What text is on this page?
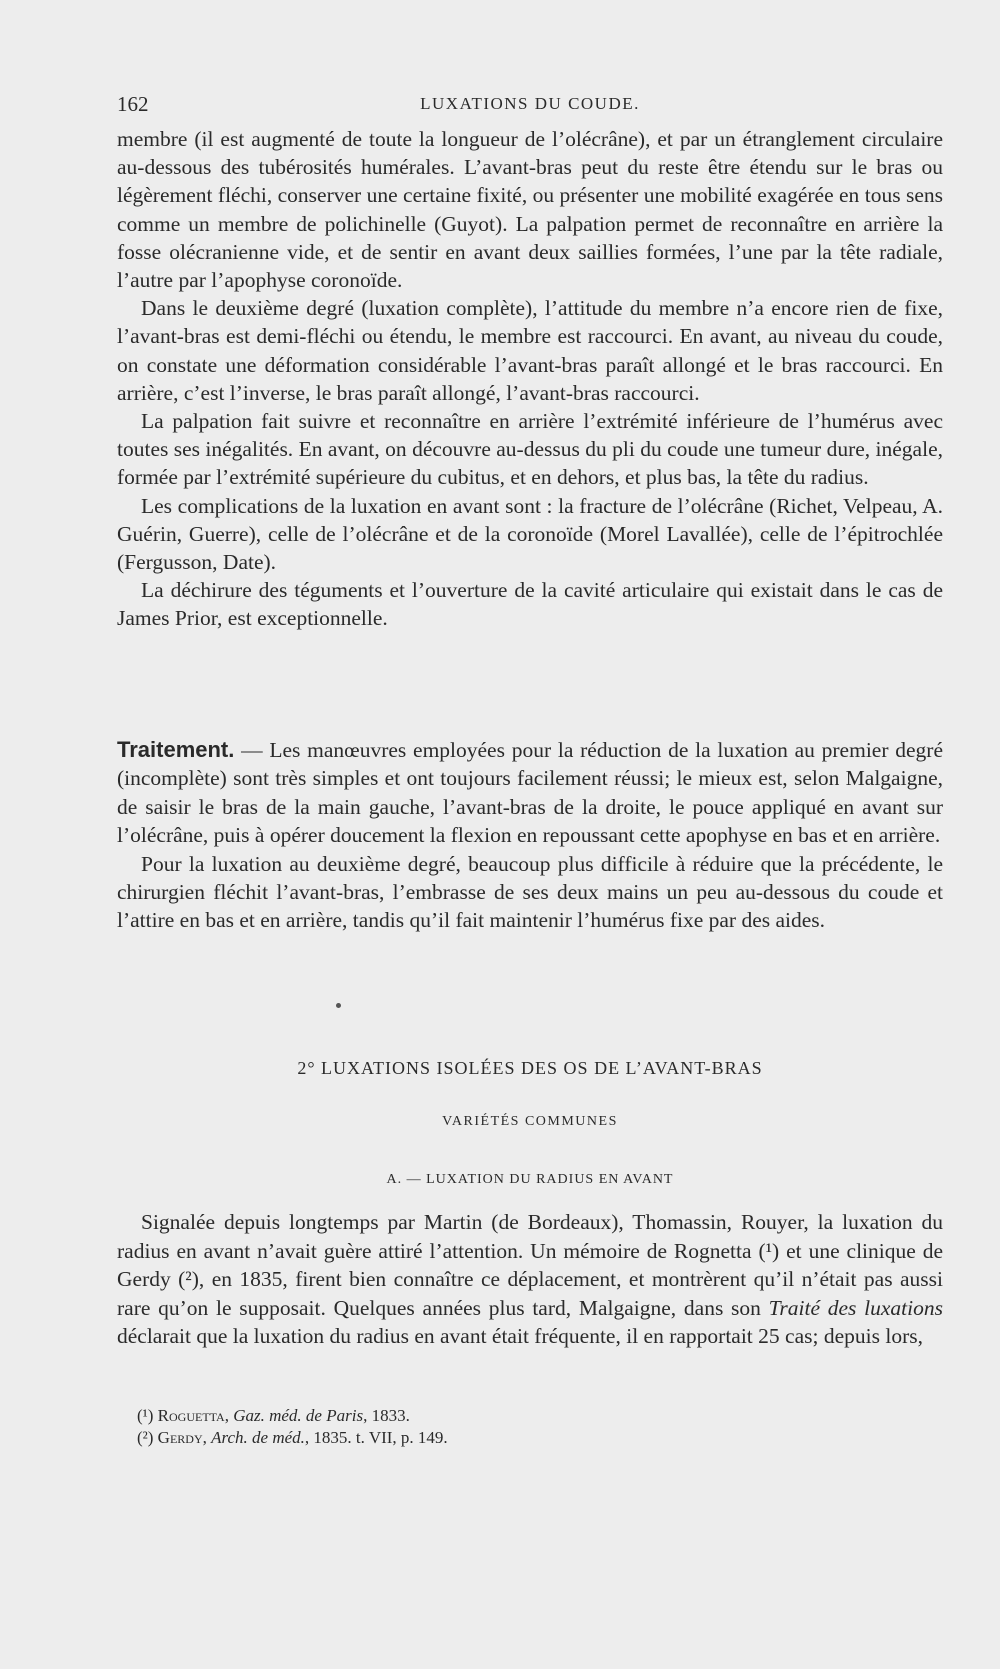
162	LUXATIONS DU COUDE.

membre (il est augmenté de toute la longueur de l’olécrâne), et par un étranglement circulaire au-dessous des tubérosités humérales. L’avant-bras peut du reste être étendu sur le bras ou légèrement fléchi, conserver une certaine fixité, ou présenter une mobilité exagérée en tous sens comme un membre de polichinelle (Guyot). La palpation permet de reconnaître en arrière la fosse olécranienne vide, et de sentir en avant deux saillies formées, l’une par la tête radiale, l’autre par l’apophyse coronoïde.

Dans le deuxième degré (luxation complète), l’attitude du membre n’a encore rien de fixe, l’avant-bras est demi-fléchi ou étendu, le membre est raccourci. En avant, au niveau du coude, on constate une déformation considérable l’avant-bras paraît allongé et le bras raccourci. En arrière, c’est l’inverse, le bras paraît allongé, l’avant-bras raccourci.

La palpation fait suivre et reconnaître en arrière l’extrémité inférieure de l’humérus avec toutes ses inégalités. En avant, on découvre au-dessus du pli du coude une tumeur dure, inégale, formée par l’extrémité supérieure du cubitus, et en dehors, et plus bas, la tête du radius.

Les complications de la luxation en avant sont : la fracture de l’olécrâne (Richet, Velpeau, A. Guérin, Guerre), celle de l’olécrâne et de la coronoïde (Morel Lavallée), celle de l’épitrochlée (Fergusson, Date).

La déchirure des téguments et l’ouverture de la cavité articulaire qui existait dans le cas de James Prior, est exceptionnelle.

Traitement. — Les manœuvres employées pour la réduction de la luxation au premier degré (incomplète) sont très simples et ont toujours facilement réussi; le mieux est, selon Malgaigne, de saisir le bras de la main gauche, l’avant-bras de la droite, le pouce appliqué en avant sur l’olécrâne, puis à opérer doucement la flexion en repoussant cette apophyse en bas et en arrière.

Pour la luxation au deuxième degré, beaucoup plus difficile à réduire que la précédente, le chirurgien fléchit l’avant-bras, l’embrasse de ses deux mains un peu au-dessous du coude et l’attire en bas et en arrière, tandis qu’il fait maintenir l’humérus fixe par des aides.

2° LUXATIONS ISOLÉES DES OS DE L’AVANT-BRAS
VARIÉTÉS COMMUNES
A. — LUXATION DU RADIUS EN AVANT

Signalée depuis longtemps par Martin (de Bordeaux), Thomassin, Rouyer, la luxation du radius en avant n’avait guère attiré l’attention. Un mémoire de Rognetta (¹) et une clinique de Gerdy (²), en 1835, firent bien connaître ce déplacement, et montrèrent qu’il n’était pas aussi rare qu’on le supposait. Quelques années plus tard, Malgaigne, dans son Traité des luxations déclarait que la luxation du radius en avant était fréquente, il en rapportait 25 cas; depuis lors,

(¹) Roguetta, Gaz. méd. de Paris, 1833.

(²) Gerdy, Arch. de méd., 1835. t. VII, p. 149.
